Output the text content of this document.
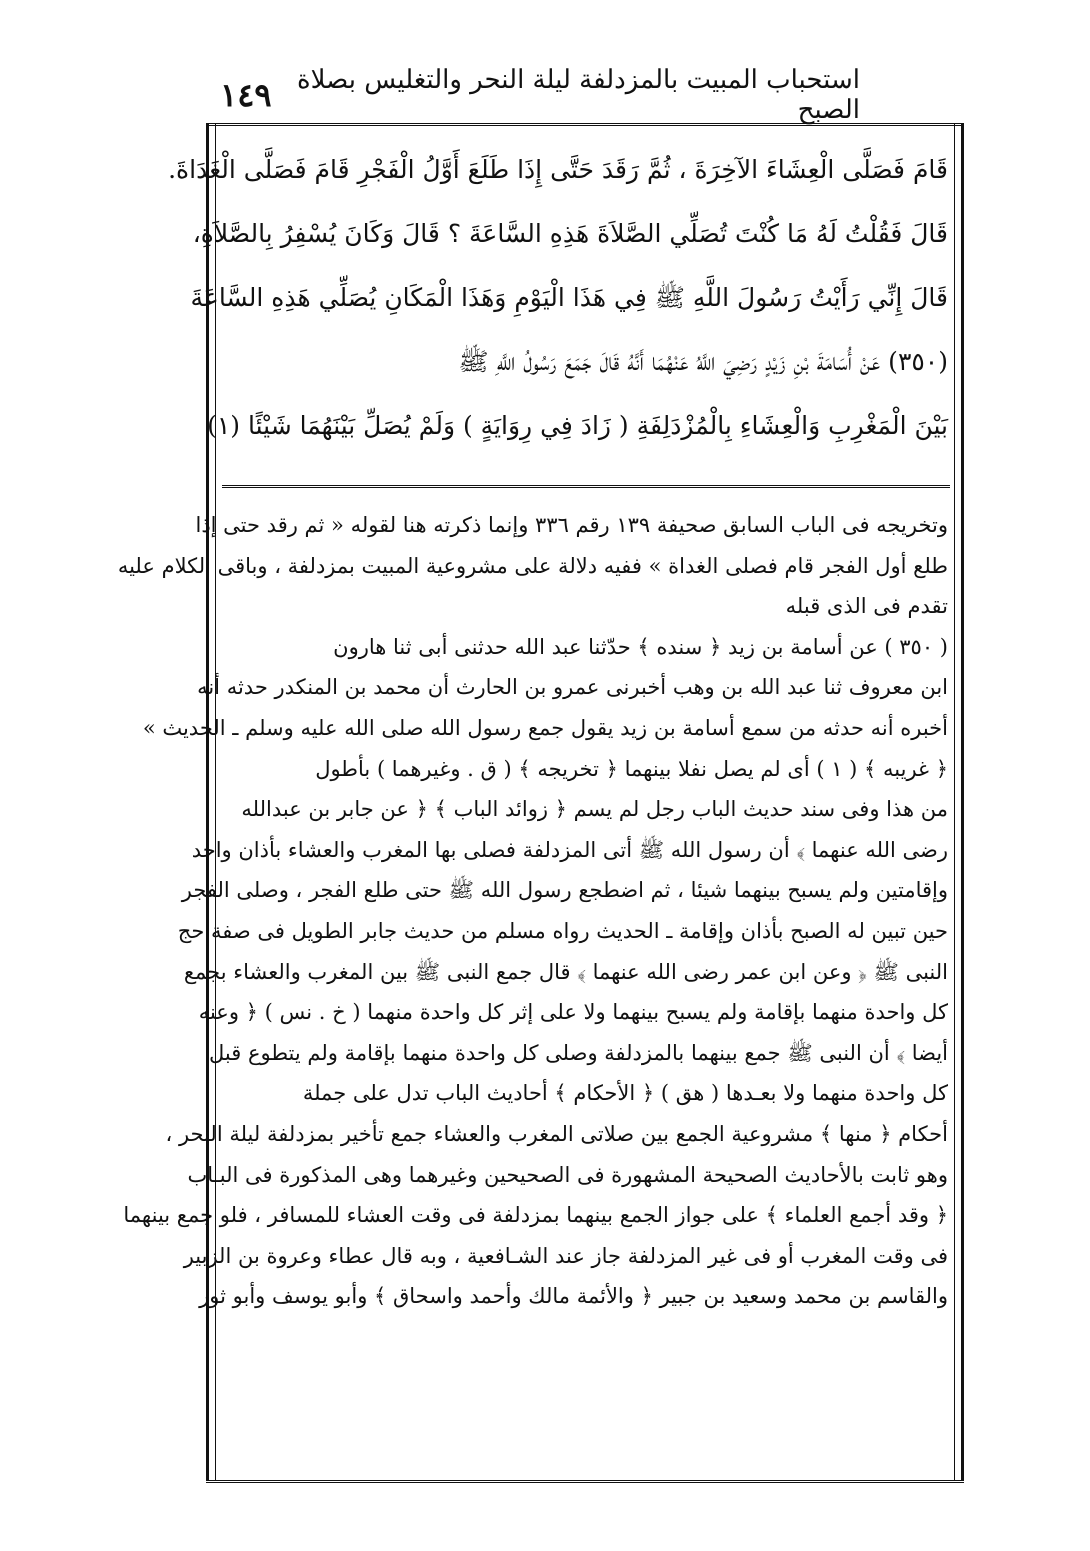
استحباب المبيت بالمزدلفة ليلة النحر والتغليس بصلاة الصبح
١٤٩
قَامَ فَصَلَّى الْعِشَاءَ الآخِرَةَ ، ثُمَّ رَقَدَ حَتَّى إِذَا طَلَعَ أَوَّلُ الْفَجْرِ قَامَ فَصَلَّى الْغَدَاةَ.
قَالَ فَقُلْتُ لَهُ مَا كُنْتَ تُصَلِّي الصَّلاَةَ هَذِهِ السَّاعَةَ ؟ قَالَ وَكَانَ يُسْفِرُ بِالصَّلاَةِ،
قَالَ إِنِّي رَأَيْتُ رَسُولَ اللَّهِ ﷺ فِي هَذَا الْيَوْمِ وَهَذَا الْمَكَانِ يُصَلِّي هَذِهِ السَّاعَةَ
(٣٥٠) عَنْ أُسَامَةَ بْنِ زَيْدٍ رَضِيَ اللَّهُ عَنْهُمَا أَنَّهُ قَالَ جَمَعَ رَسُولُ اللَّهِ ﷺ
بَيْنَ الْمَغْرِبِ وَالْعِشَاءِ بِالْمُزْدَلِفَةِ ( زَادَ فِي رِوَايَةٍ ) وَلَمْ يُصَلِّ بَيْنَهُمَا شَيْئًا (١)
وتخريجه فى الباب السابق صحيفة ١٣٩ رقم ٣٣٦ وإنما ذكرته هنا لقوله « ثم رقد حتى إذا
طلع أول الفجر قام فصلى الغداة » ففيه دلالة على مشروعية المبيت بمزدلفة ، وباقى الكلام عليه
تقدم فى الذى قبله
( ٣٥٠ ) عن أسامة بن زيد ﴿ سنده ﴾ حدّثنا عبد الله حدثنى أبى ثنا هارون
ابن معروف ثنا عبد الله بن وهب أخبرنى عمرو بن الحارث أن محمد بن المنكدر حدثه أنه
أخبره أنه حدثه من سمع أسامة بن زيد يقول جمع رسول الله صلى الله عليه وسلم ـ الحديث »
﴿ غريبه ﴾ ( ١ ) أى لم يصل نفلا بينهما ﴿ تخريجه ﴾ ( ق . وغيرهما ) بأطول
من هذا وفى سند حديث الباب رجل لم يسم ﴿ زوائد الباب ﴾ ﴿ عن جابر بن عبدالله
رضى الله عنهما ﴾ أن رسول الله ﷺ أتى المزدلفة فصلى بها المغرب والعشاء بأذان واحد
وإقامتين ولم يسبح بينهما شيئا ، ثم اضطجع رسول الله ﷺ حتى طلع الفجر ، وصلى الفجر
حين تبين له الصبح بأذان وإقامة ـ الحديث رواه مسلم من حديث جابر الطويل فى صفة حج
النبى ﷺ ﴿ وعن ابن عمر رضى الله عنهما ﴾ قال جمع النبى ﷺ بين المغرب والعشاء بجمع
كل واحدة منهما بإقامة ولم يسبح بينهما ولا على إثر كل واحدة منهما ( خ . نس ) ﴿ وعنه
أيضا ﴾ أن النبى ﷺ جمع بينهما بالمزدلفة وصلى كل واحدة منهما بإقامة ولم يتطوع قبل
كل واحدة منهما ولا بعـدها ( هق ) ﴿ الأحكام ﴾ أحاديث الباب تدل على جملة
أحكام ﴿ منها ﴾ مشروعية الجمع بين صلاتى المغرب والعشاء جمع تأخير بمزدلفة ليلة النحر ،
وهو ثابت بالأحاديث الصحيحة المشهورة فى الصحيحين وغيرهما وهى المذكورة فى البـاب
﴿ وقد أجمع العلماء ﴾ على جواز الجمع بينهما بمزدلفة فى وقت العشاء للمسافر ، فلو جمع بينهما
فى وقت المغرب أو فى غير المزدلفة جاز عند الشـافعية ، وبه قال عطاء وعروة بن الزبير
والقاسم بن محمد وسعيد بن جبير ﴿ والأئمة مالك وأحمد واسحاق ﴾ وأبو يوسف وأبو ثور
